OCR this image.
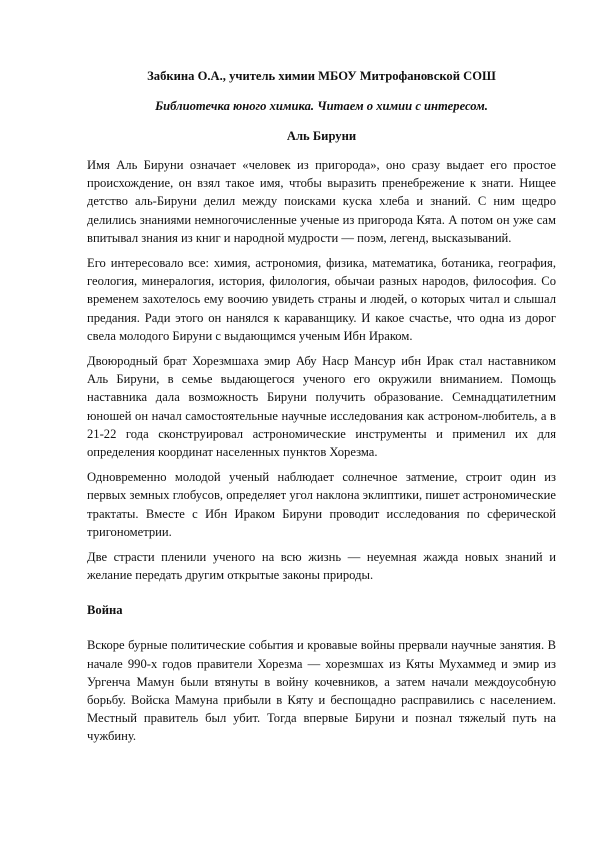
Забкина О.А., учитель химии МБОУ Митрофановской СОШ

Библиотечка юного химика. Читаем о химии с интересом.

Аль Бируни

Имя Аль Бируни означает «человек из пригорода», оно сразу выдает его простое происхождение, он взял такое имя, чтобы выразить пренебрежение к знати. Нищее детство аль-Бируни делил между поисками куска хлеба и знаний. С ним щедро делились знаниями немногочисленные ученые из пригорода Кята. А потом он уже сам впитывал знания из книг и народной мудрости — поэм, легенд, высказываний.

Его интересовало все: химия, астрономия, физика, математика, ботаника, география, геология, минералогия, история, филология, обычаи разных народов, философия. Со временем захотелось ему воочию увидеть страны и людей, о которых читал и слышал предания. Ради этого он нанялся к караванщику. И какое счастье, что одна из дорог свела молодого Бируни с выдающимся ученым Ибн Ираком.

Двоюродный брат Хорезмшаха эмир Абу Наср Мансур ибн Ирак стал наставником Аль Бируни, в семье выдающегося ученого его окружили вниманием. Помощь наставника дала возможность Бируни получить образование. Семнадцатилетним юношей он начал самостоятельные научные исследования как астроном-любитель, а в 21-22 года сконструировал астрономические инструменты и применил их для определения координат населенных пунктов Хорезма.

Одновременно молодой ученый наблюдает солнечное затмение, строит один из первых земных глобусов, определяет угол наклона эклиптики, пишет астрономические трактаты. Вместе с Ибн Ираком Бируни проводит исследования по сферической тригонометрии.

Две страсти пленили ученого на всю жизнь — неуемная жажда новых знаний и желание передать другим открытые законы природы.

Война

Вскоре бурные политические события и кровавые войны прервали научные занятия. В начале 990-х годов правители Хорезма — хорезмшах из Кяты Мухаммед и эмир из Ургенча Мамун были втянуты в войну кочевников, а затем начали междоусобную борьбу. Войска Мамуна прибыли в Кяту и беспощадно расправились с населением. Местный правитель был убит. Тогда впервые Бируни и познал тяжелый путь на чужбину.
